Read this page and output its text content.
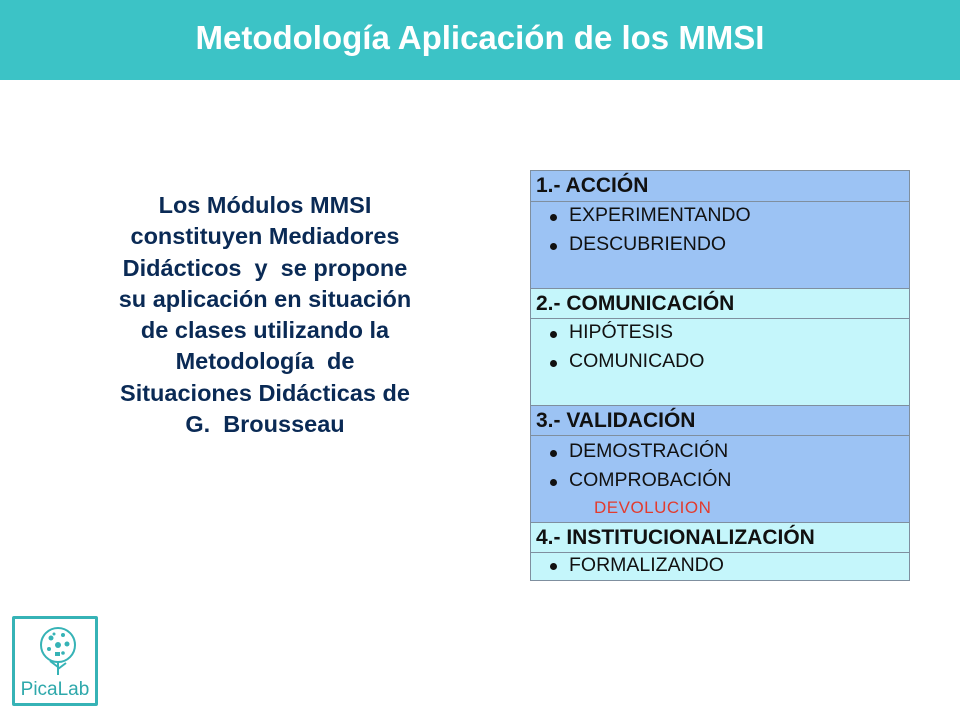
Metodología Aplicación de los MMSI
Los Módulos MMSI
constituyen Mediadores
Didácticos  y  se propone
su aplicación en situación
de clases utilizando la
Metodología  de
Situaciones Didácticas de
G.  Brousseau
1.- ACCIÓN
EXPERIMENTANDO
DESCUBRIENDO
2.- COMUNICACIÓN
HIPÓTESIS
COMUNICADO
3.- VALIDACIÓN
DEMOSTRACIÓN
COMPROBACIÓN
4.- INSTITUCIONALIZACIÓN
FORMALIZANDO
DEVOLUCION
PicaLab
